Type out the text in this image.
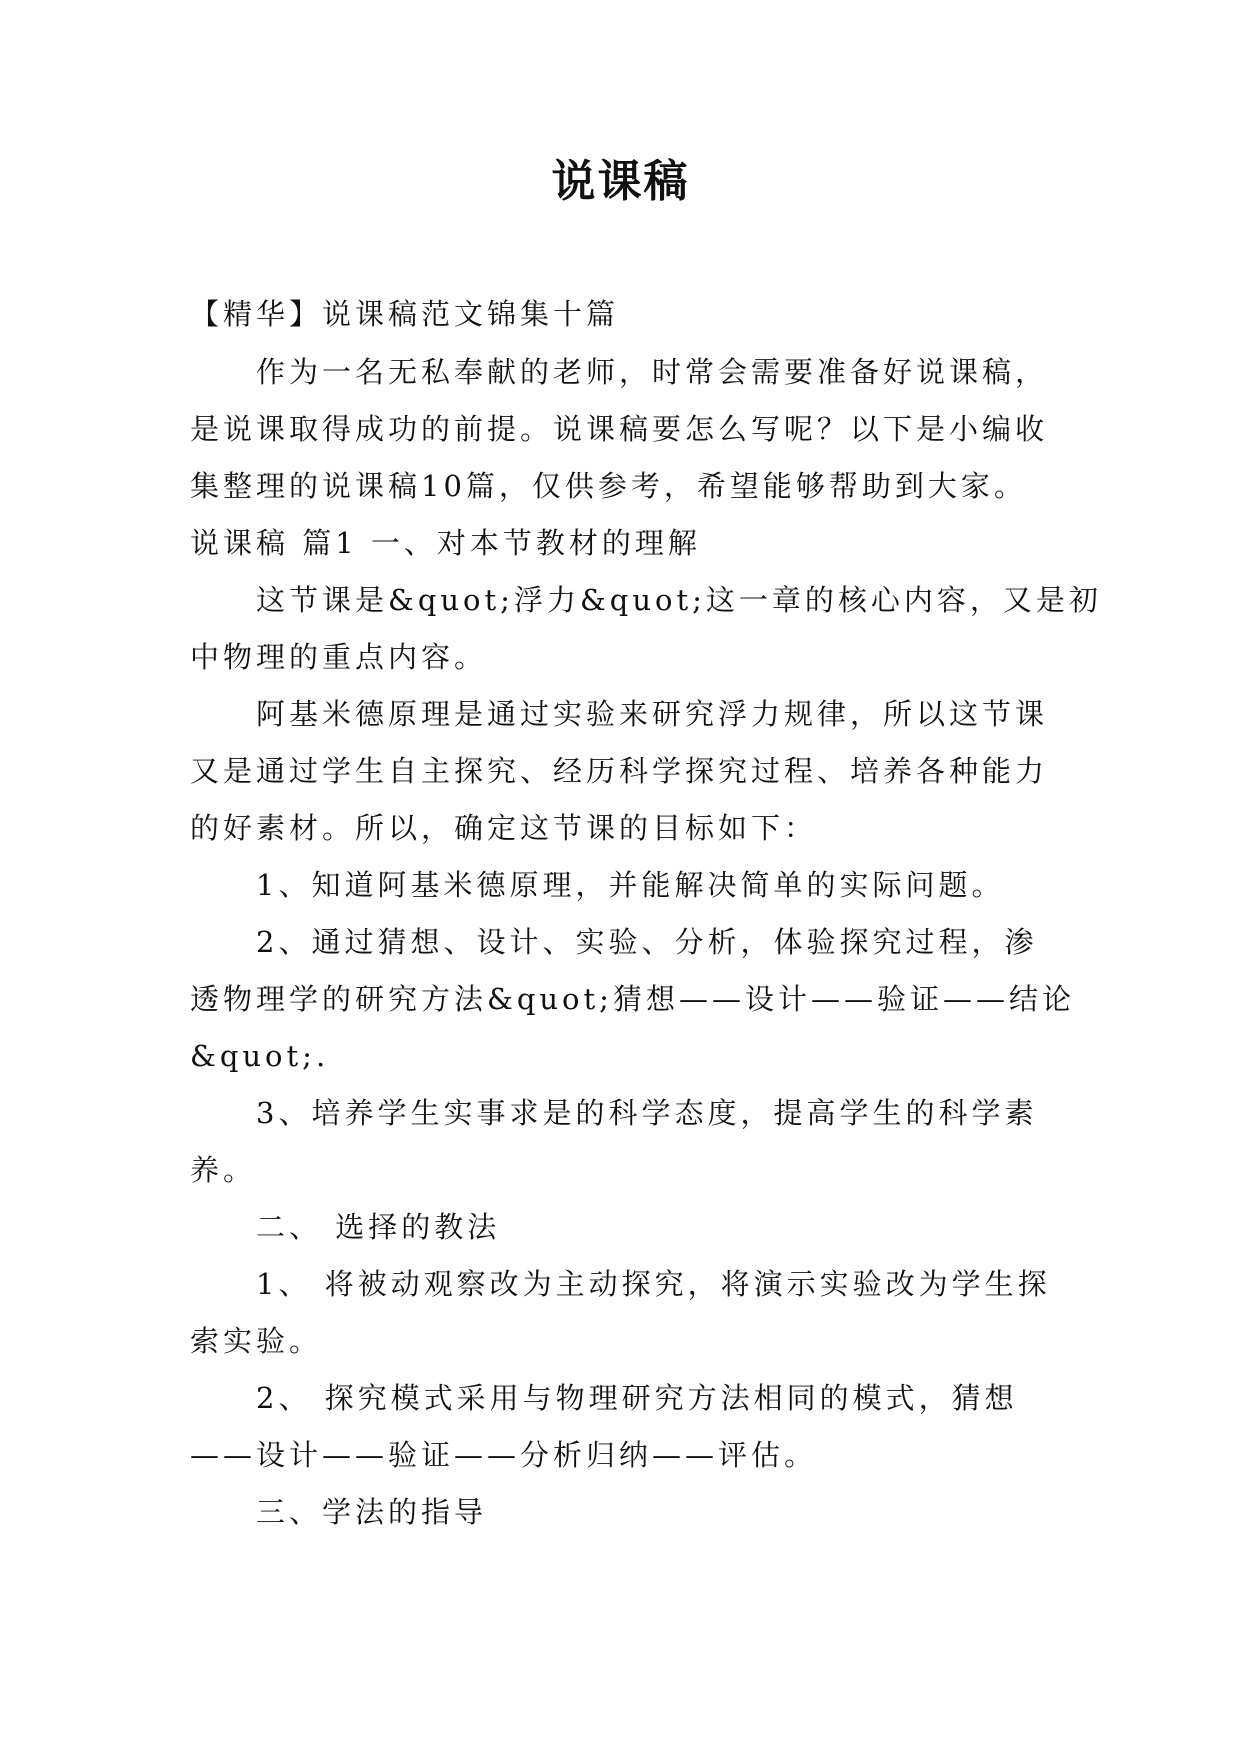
说课稿
【精华】说课稿范文锦集十篇
作为一名无私奉献的老师，时常会需要准备好说课稿，
是说课取得成功的前提。说课稿要怎么写呢？以下是小编收
集整理的说课稿10篇，仅供参考，希望能够帮助到大家。
说课稿 篇1 一、对本节教材的理解
这节课是&quot;浮力&quot;这一章的核心内容，又是初
中物理的重点内容。
阿基米德原理是通过实验来研究浮力规律，所以这节课
又是通过学生自主探究、经历科学探究过程、培养各种能力
的好素材。所以，确定这节课的目标如下：
1、知道阿基米德原理，并能解决简单的实际问题。
2、通过猜想、设计、实验、分析，体验探究过程，渗
透物理学的研究方法&quot;猜想——设计——验证——结论
&quot;.
3、培养学生实事求是的科学态度，提高学生的科学素
养。
二、 选择的教法
1、 将被动观察改为主动探究，将演示实验改为学生探
索实验。
2、 探究模式采用与物理研究方法相同的模式，猜想
——设计——验证——分析归纳——评估。
三、学法的指导
